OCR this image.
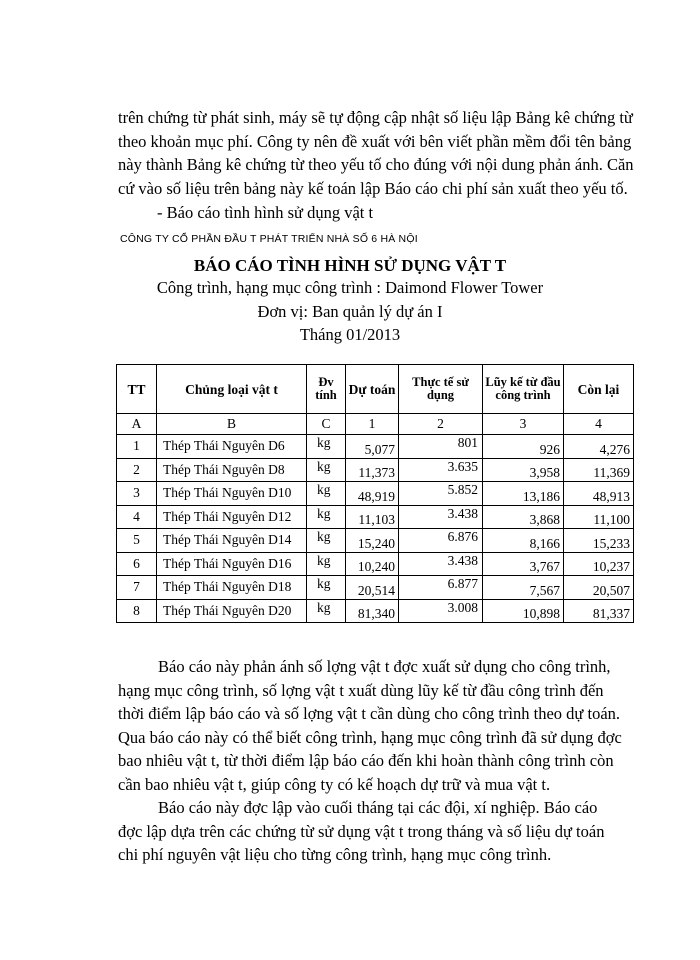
trên chứng từ phát sinh, máy sẽ tự động cập nhật số liệu lập Bảng kê chứng từ
theo khoản mục phí. Công ty nên đề xuất với bên viết phần mềm đổi tên bảng
này thành Bảng kê chứng từ theo yếu tố cho đúng với nội dung phản ánh. Căn
cứ vào số liệu trên bảng này kế toán lập Báo cáo chi phí sản xuất theo yếu tố.

- Báo cáo tình hình sử dụng vật t
CÔNG TY CỔ PHẦN ĐẦU T PHÁT TRIỂN NHÀ SỐ 6 HÀ NỘI
BÁO CÁO TÌNH HÌNH SỬ DỤNG VẬT T
Công trình, hạng mục công trình : Daimond Flower Tower
Đơn vị: Ban quản lý dự án I
Tháng 01/2013
TT	Chủng loại vật t	Đv tính	Dự toán	Thực tế sử dụng	Lũy kế từ đầu công trình	Còn lại
A	B	C	1	2	3	4
1	Thép Thái Nguyên D6	kg	5,077	801	926	4,276
2	Thép Thái Nguyên D8	kg	11,373	3.635	3,958	11,369
3	Thép Thái Nguyên D10	kg	48,919	5.852	13,186	48,913
4	Thép Thái Nguyên D12	kg	11,103	3.438	3,868	11,100
5	Thép Thái Nguyên D14	kg	15,240	6.876	8,166	15,233
6	Thép Thái Nguyên D16	kg	10,240	3.438	3,767	10,237
7	Thép Thái Nguyên D18	kg	20,514	6.877	7,567	20,507
8	Thép Thái Nguyên D20	kg	81,340	3.008	10,898	81,337

Báo cáo này phản ánh số lợng vật t đợc xuất sử dụng cho công trình,
hạng mục công trình, số lợng vật t xuất dùng lũy kế từ đầu công trình đến
thời điểm lập báo cáo và số lợng vật t cần dùng cho công trình theo dự toán.
Qua báo cáo này có thể biết công trình, hạng mục công trình đã sử dụng đợc
bao nhiêu vật t, từ thời điểm lập báo cáo đến khi hoàn thành công trình còn
cần bao nhiêu vật t, giúp công ty có kế hoạch dự trữ và mua vật t.
Báo cáo này đợc lập vào cuối tháng tại các đội, xí nghiệp. Báo cáo
đợc lập dựa trên các chứng từ sử dụng vật t trong tháng và số liệu dự toán
chi phí nguyên vật liệu cho từng công trình, hạng mục công trình.
